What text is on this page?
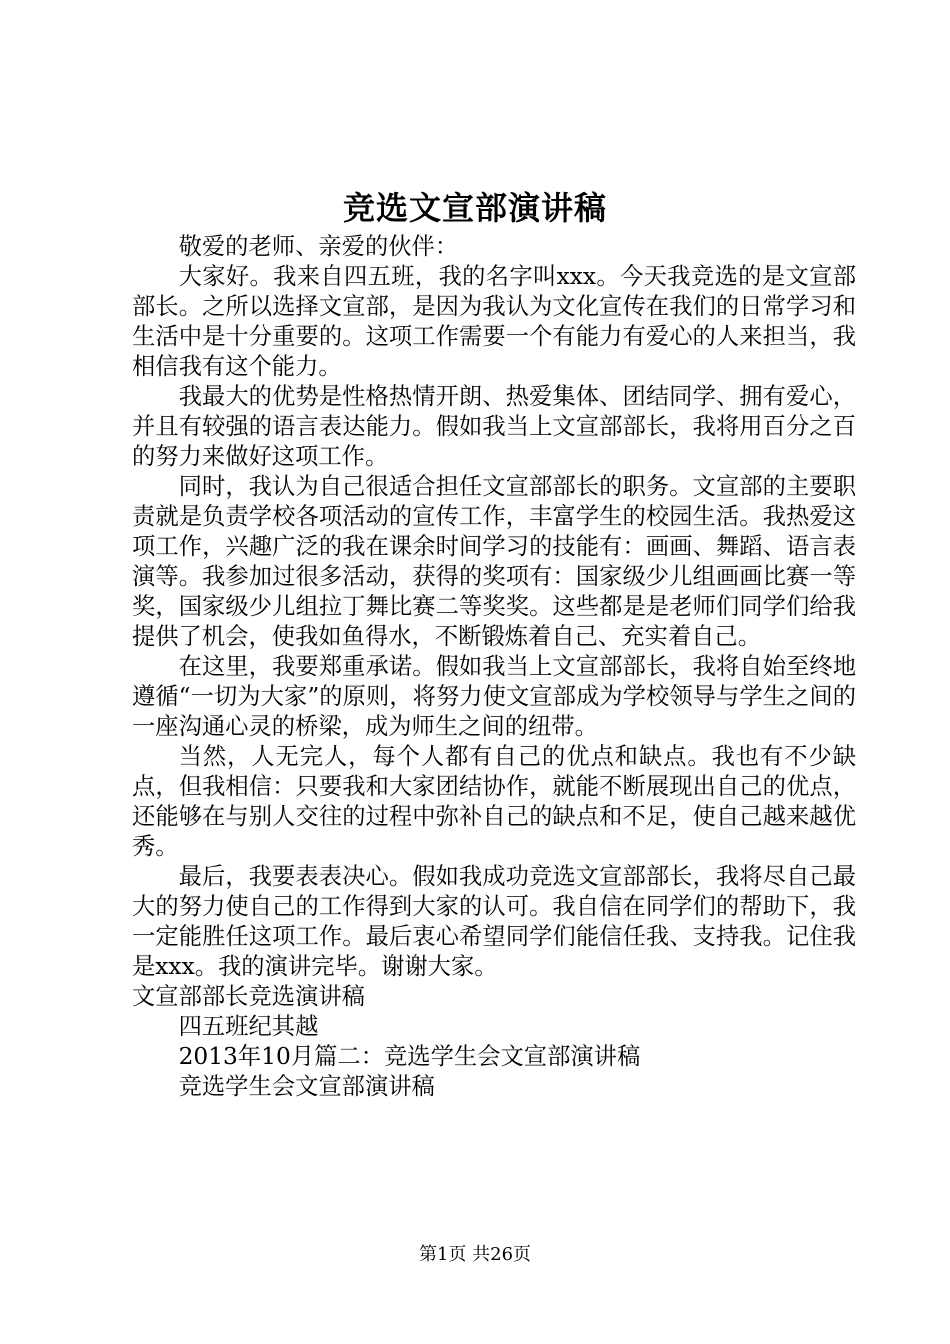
竞选文宣部演讲稿

敬爱的老师、亲爱的伙伴：

大家好。我来自四五班，我的名字叫xxx。今天我竞选的是文宣部部长。之所以选择文宣部，是因为我认为文化宣传在我们的日常学习和生活中是十分重要的。这项工作需要一个有能力有爱心的人来担当，我相信我有这个能力。

我最大的优势是性格热情开朗、热爱集体、团结同学、拥有爱心，并且有较强的语言表达能力。假如我当上文宣部部长，我将用百分之百的努力来做好这项工作。

同时，我认为自己很适合担任文宣部部长的职务。文宣部的主要职责就是负责学校各项活动的宣传工作，丰富学生的校园生活。我热爱这项工作，兴趣广泛的我在课余时间学习的技能有：画画、舞蹈、语言表演等。我参加过很多活动，获得的奖项有：国家级少儿组画画比赛一等奖，国家级少儿组拉丁舞比赛二等奖奖。这些都是是老师们同学们给我提供了机会，使我如鱼得水，不断锻炼着自己、充实着自己。

在这里，我要郑重承诺。假如我当上文宣部部长，我将自始至终地遵循“一切为大家”的原则，将努力使文宣部成为学校领导与学生之间的一座沟通心灵的桥梁，成为师生之间的纽带。

当然，人无完人，每个人都有自己的优点和缺点。我也有不少缺点，但我相信：只要我和大家团结协作，就能不断展现出自己的优点，还能够在与别人交往的过程中弥补自己的缺点和不足，使自己越来越优秀。

最后，我要表表决心。假如我成功竞选文宣部部长，我将尽自己最大的努力使自己的工作得到大家的认可。我自信在同学们的帮助下，我一定能胜任这项工作。最后衷心希望同学们能信任我、支持我。记住我是xxx。我的演讲完毕。谢谢大家。

文宣部部长竞选演讲稿

四五班纪其越

2013年10月篇二：竞选学生会文宣部演讲稿

竞选学生会文宣部演讲稿

第1页 共26页
